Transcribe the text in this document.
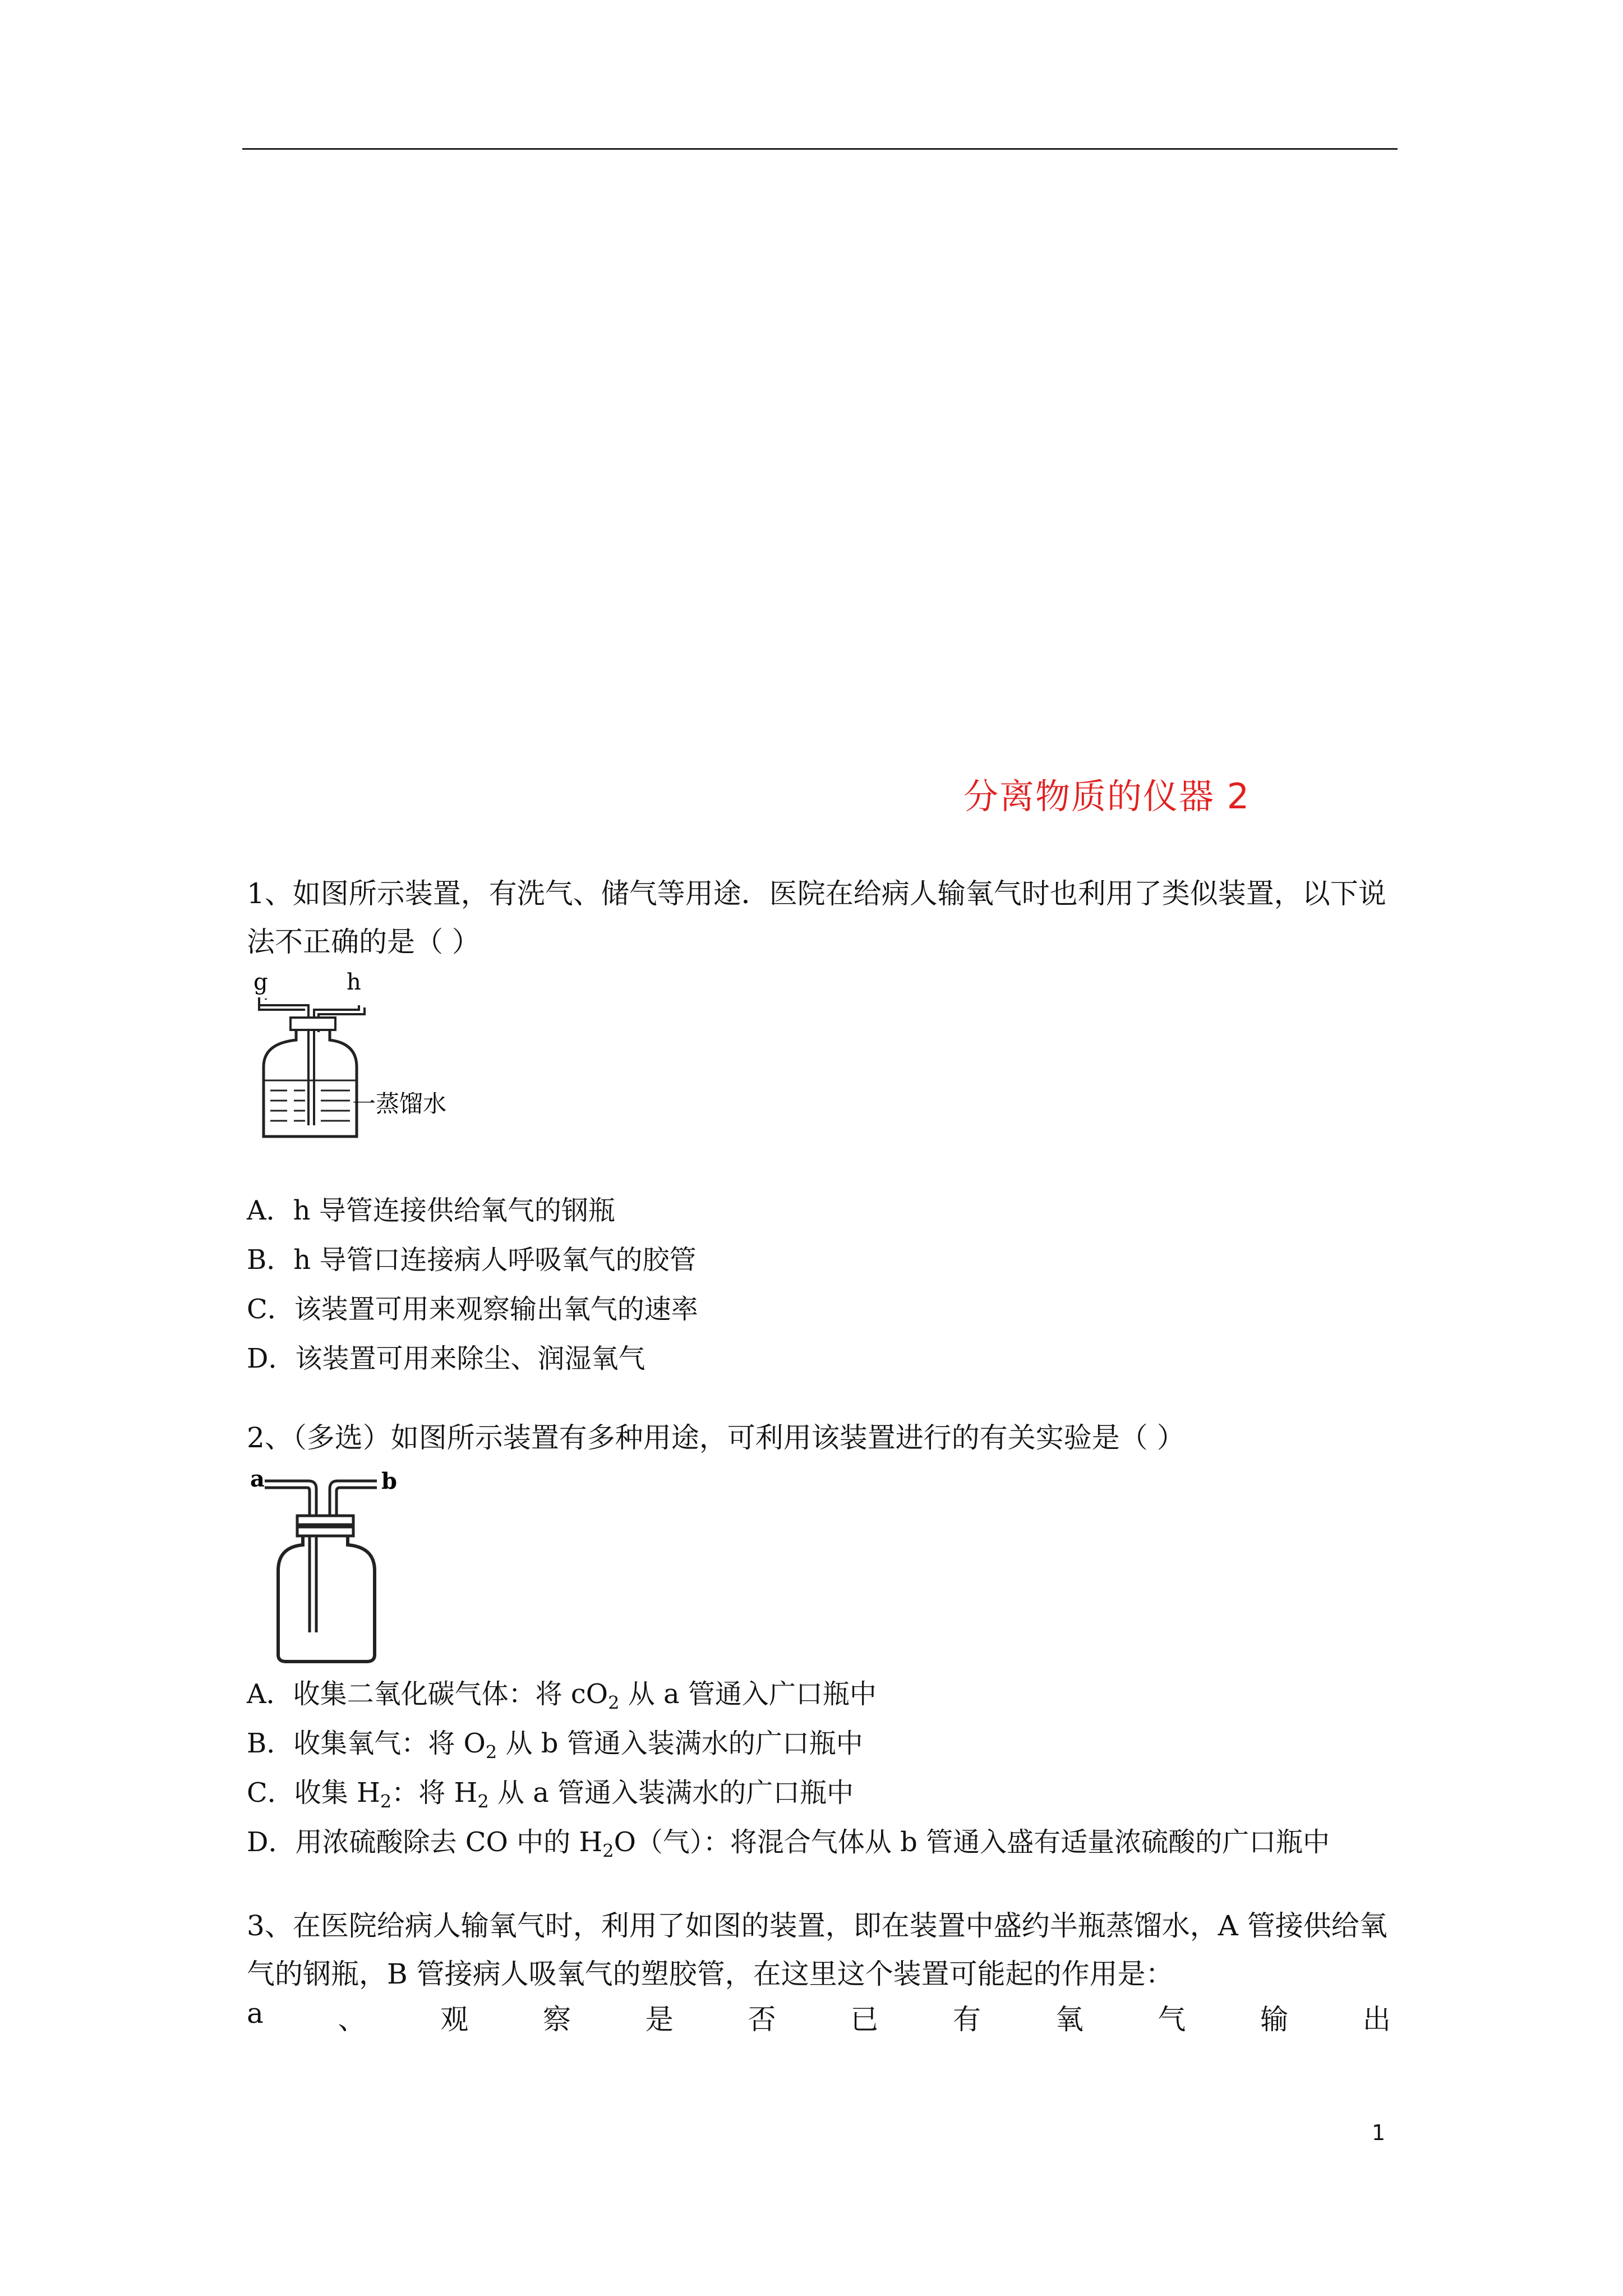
分离物质的仪器 2
1、如图所示装置，有洗气、储气等用途．医院在给病人输氧气时也利用了类似装置，以下说法不正确的是（ ）
g	h
一蒸馏水
A．h 导管连接供给氧气的钢瓶
B．h 导管口连接病人呼吸氧气的胶管
C．该装置可用来观察输出氧气的速率
D．该装置可用来除尘、润湿氧气
2、（多选）如图所示装置有多种用途，可利用该装置进行的有关实验是（ ）
a	b
A．收集二氧化碳气体：将 $cO_2$ 从 a 管通入广口瓶中
B．收集氧气：将 $O_2$ 从 b 管通入装满水的广口瓶中
C．收集 $H_2$：将 $H_2$ 从 a 管通入装满水的广口瓶中
D．用浓硫酸除去 CO 中的 $H_2O$（气）：将混合气体从 b 管通入盛有适量浓硫酸的广口瓶中
3、在医院给病人输氧气时，利用了如图的装置，即在装置中盛约半瓶蒸馏水，A 管接供给氧气的钢瓶，B 管接病人吸氧气的塑胶管，在这里这个装置可能起的作用是：
a	、	观	察	是	否	已	有	氧	气	输	出
1
